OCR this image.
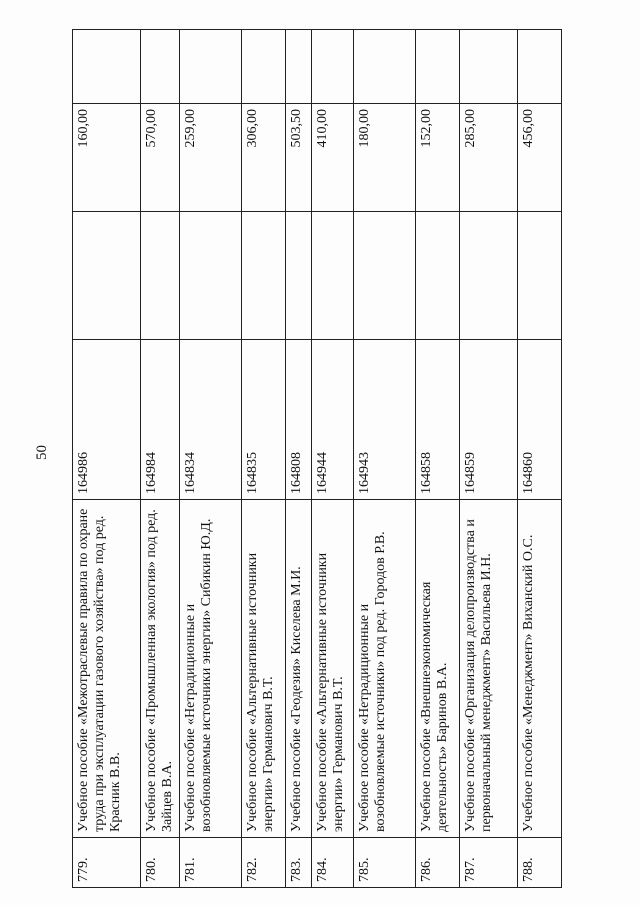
50
779.	Учебное пособие «Межотраслевые правила по охране труда при эксплуатации газового хозяйства» под ред. Красник В.В.	164986		160,00	
780.	Учебное пособие «Промышленная экология» под ред. Зайцев В.А.	164984		570,00	
781.	Учебное пособие «Нетрадиционные и возобновляемые источники энергии» Сибикин Ю.Д.	164834		259,00	
782.	Учебное пособие «Альтернативные источники энергии» Германович В.Т.	164835		306,00	
783.	Учебное пособие «Геодезия» Киселева М.И.	164808		503,50	
784.	Учебное пособие «Альтернативные источники энергии» Германович В.Т.	164944		410,00	
785.	Учебное пособие «Нетрадиционные и возобновляемые источники» под ред. Городов Р.В.	164943		180,00	
786.	Учебное пособие «Внешнеэкономическая деятельность» Баринов В.А.	164858		152,00	
787.	Учебное пособие «Организация делопроизводства и первоначальный менеджмент» Васильева И.Н.	164859		285,00	
788.	Учебное пособие «Менеджмент» Виханский О.С.	164860		456,00	
